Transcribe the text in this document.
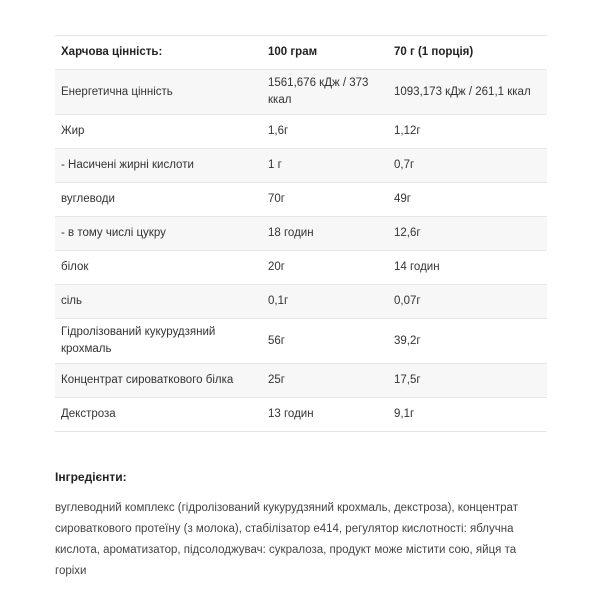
Харчова цінність:	100 грам	70 г (1 порція)
Енергетична цінність	1561,676 кДж / 373 ккал	1093,173 кДж / 261,1 ккал
Жир	1,6г	1,12г
- Насичені жирні кислоти	1 г	0,7г
вуглеводи	70г	49г
- в тому числі цукру	18 годин	12,6г
білок	20г	14 годин
сіль	0,1г	0,07г
Гідролізований кукурудзяний крохмаль	56г	39,2г
Концентрат сироваткового білка	25г	17,5г
Декстроза	13 годин	9,1г

Інгредієнти:

вуглеводний комплекс (гідролізований кукурудзяний крохмаль, декстроза), концентрат сироваткового протеїну (з молока), стабілізатор е414, регулятор кислотності: яблучна кислота, ароматизатор, підсолоджувач: сукралоза, продукт може містити сою, яйця та горіхи
